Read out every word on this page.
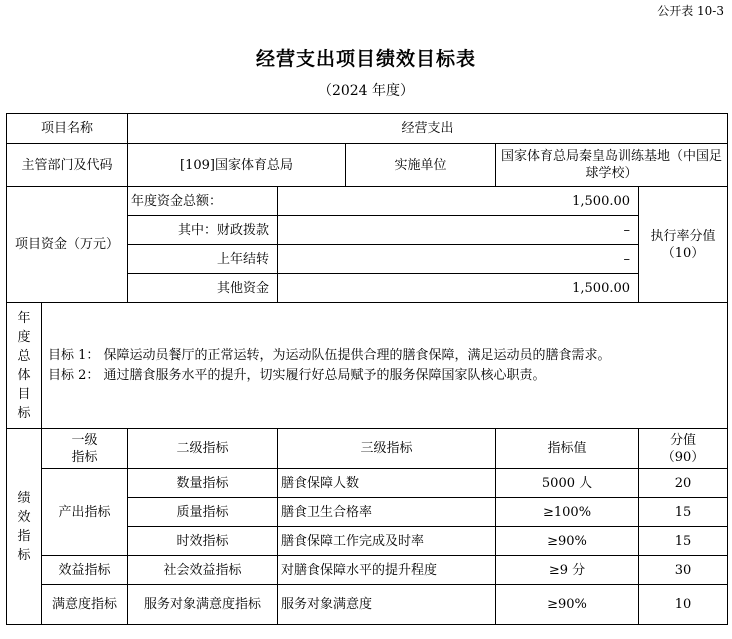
公开表 10-3
经营支出项目绩效目标表
（2024 年度）
项目名称		经营支出				
主管部门及代码		[109]国家体育总局		实施单位	国家体育总局秦皇岛训练基地（中国足球学校）	
项目资金（万元）		年度资金总额：	1,500.00			执行率分值（10）
		其中：财政拨款	–			
		上年结转	–			
		其他资金	1,500.00			

年度总体目标	目标 1： 保障运动员餐厅的正常运转，为运动队伍提供合理的膳食保障，满足运动员的膳食需求。
目标 2： 通过膳食服务水平的提升，切实履行好总局赋予的服务保障国家队核心职责。					

绩效指标	一级指标	二级指标	三级指标		指标值	分值（90）

	产出指标	数量指标	膳食保障人数		5000 人	20
		质量指标	膳食卫生合格率		≥100%	15
		时效指标	膳食保障工作完成及时率		≥90%	15
	效益指标	社会效益指标	对膳食保障水平的提升程度		≥9 分	30

	满意度指标	服务对象满意度指标	服务对象满意度		≥90%	10
